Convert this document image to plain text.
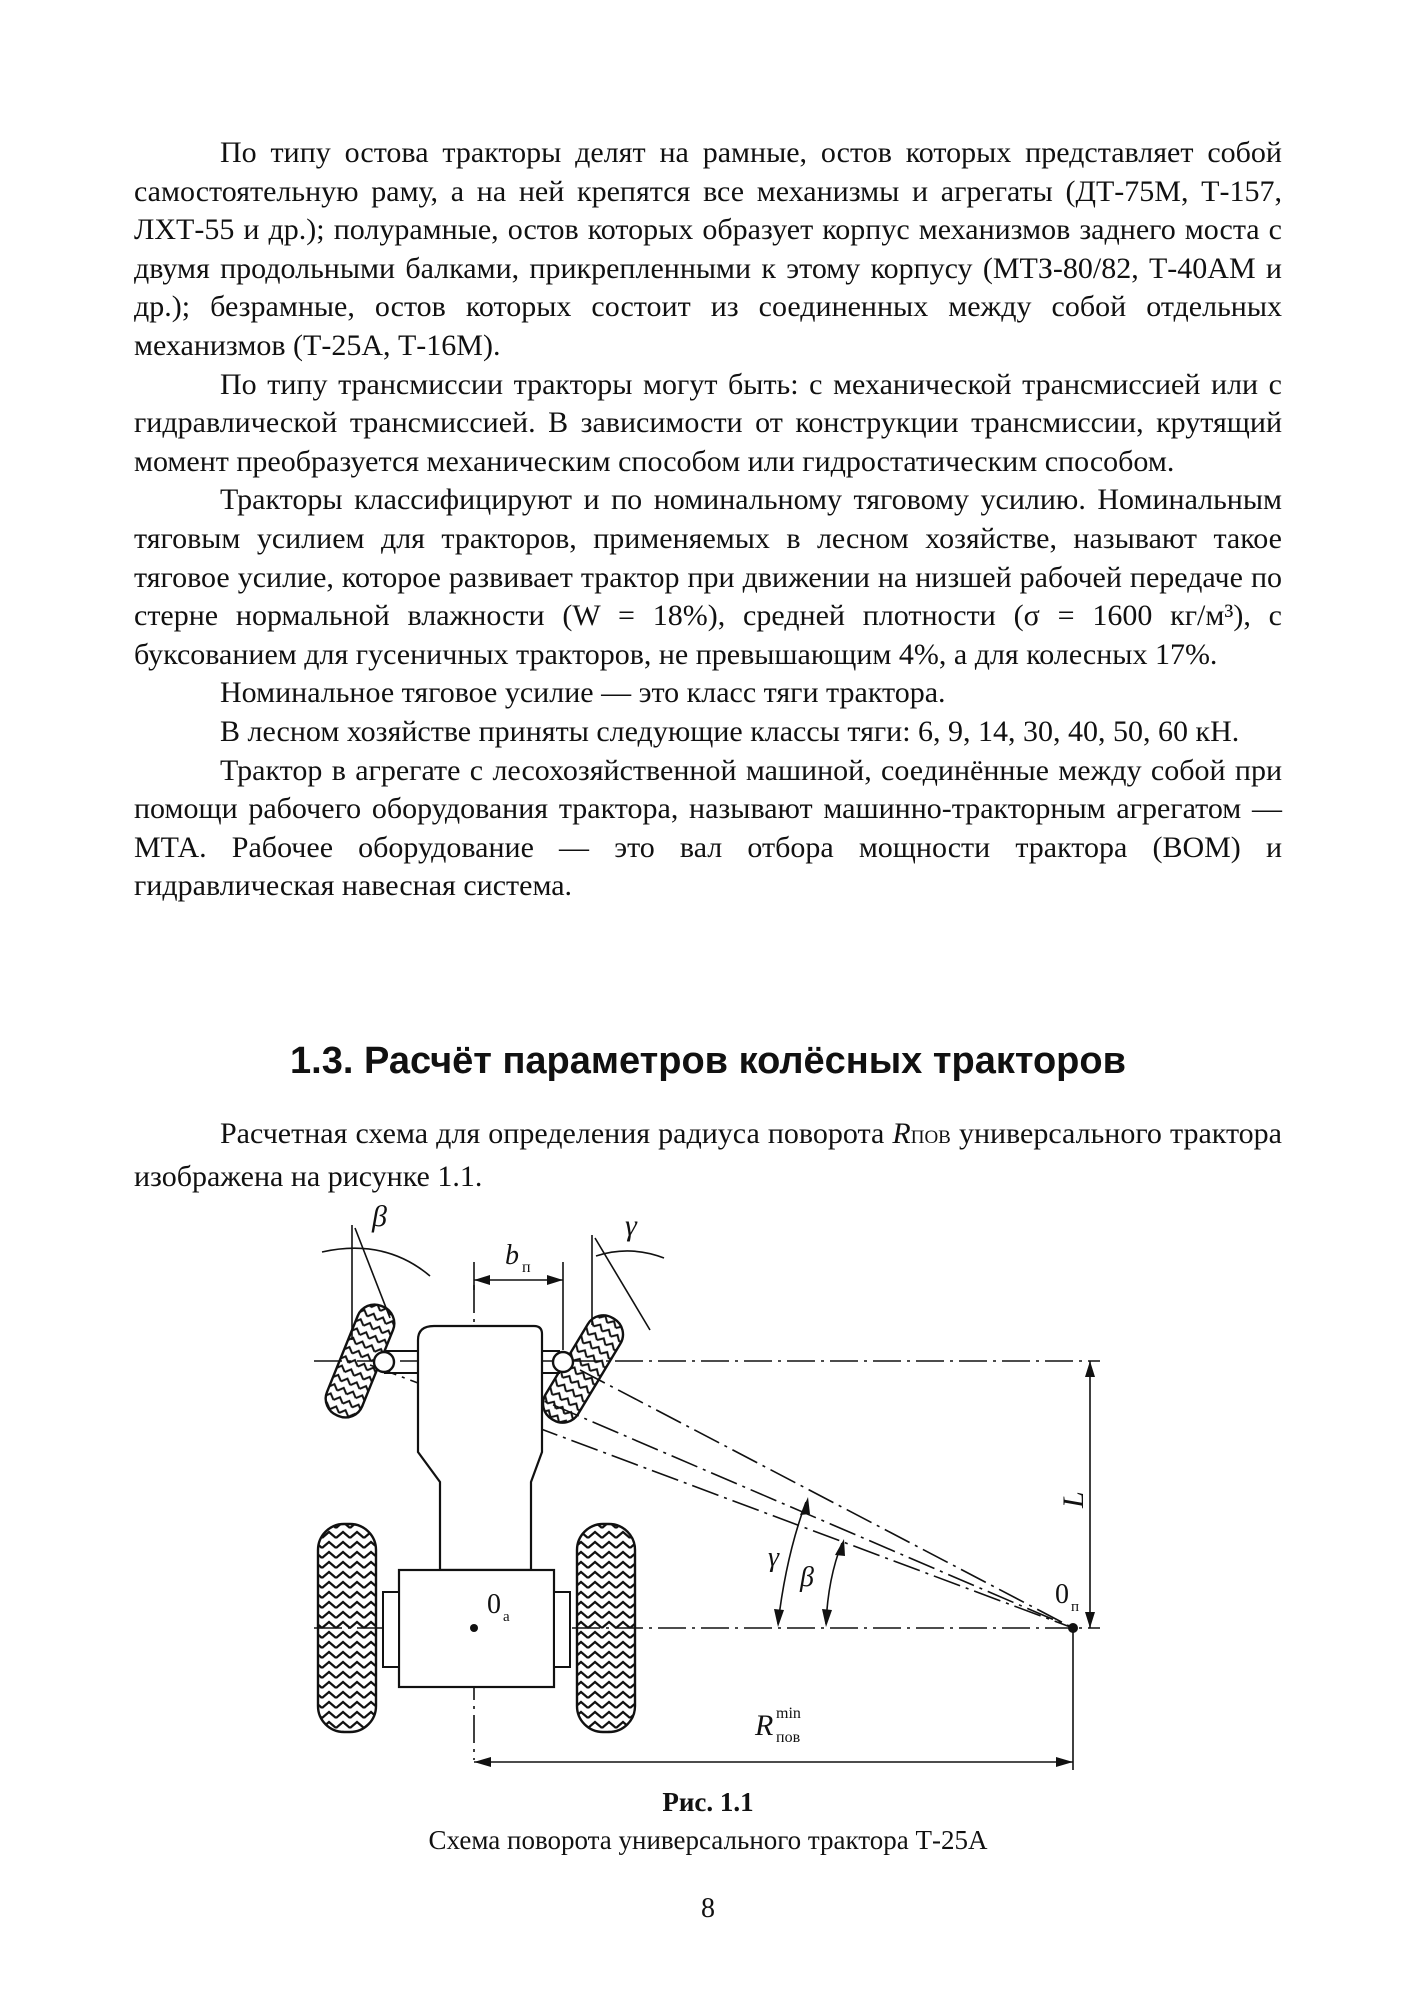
По типу остова тракторы делят на рамные, остов которых представляет собой самостоятельную раму, а на ней крепятся все механизмы и агрегаты (ДТ-75М, Т-157, ЛХТ-55 и др.); полурамные, остов которых образует корпус механизмов заднего моста с двумя продольными балками, прикрепленными к этому корпусу (МТЗ-80/82, Т-40АМ и др.); безрамные, остов которых состоит из соединенных между собой отдельных механизмов (Т-25А, Т-16М).

По типу трансмиссии тракторы могут быть: с механической трансмиссией или с гидравлической трансмиссией. В зависимости от конструкции трансмиссии, крутящий момент преобразуется механическим способом или гидростатическим способом.

Тракторы классифицируют и по номинальному тяговому усилию. Номинальным тяговым усилием для тракторов, применяемых в лесном хозяйстве, называют такое тяговое усилие, которое развивает трактор при движении на низшей рабочей передаче по стерне нормальной влажности (W = 18%), средней плотности (σ = 1600 кг/м³), с буксованием для гусеничных тракторов, не превышающим 4%, а для колесных 17%.

Номинальное тяговое усилие — это класс тяги трактора.

В лесном хозяйстве приняты следующие классы тяги: 6, 9, 14, 30, 40, 50, 60 кН.

Трактор в агрегате с лесохозяйственной машиной, соединённые между собой при помощи рабочего оборудования трактора, называют машинно-тракторным агрегатом — МТА. Рабочее оборудование — это вал отбора мощности трактора (ВОМ) и гидравлическая навесная система.

1.3. Расчёт параметров колёсных тракторов

Расчетная схема для определения радиуса поворота RПОВ универсального трактора изображена на рисунке 1.1.

β	γ
b п
L
γ
β
0 а
0 п
R min
пов
Рис. 1.1
Схема поворота универсального трактора Т-25А
8
